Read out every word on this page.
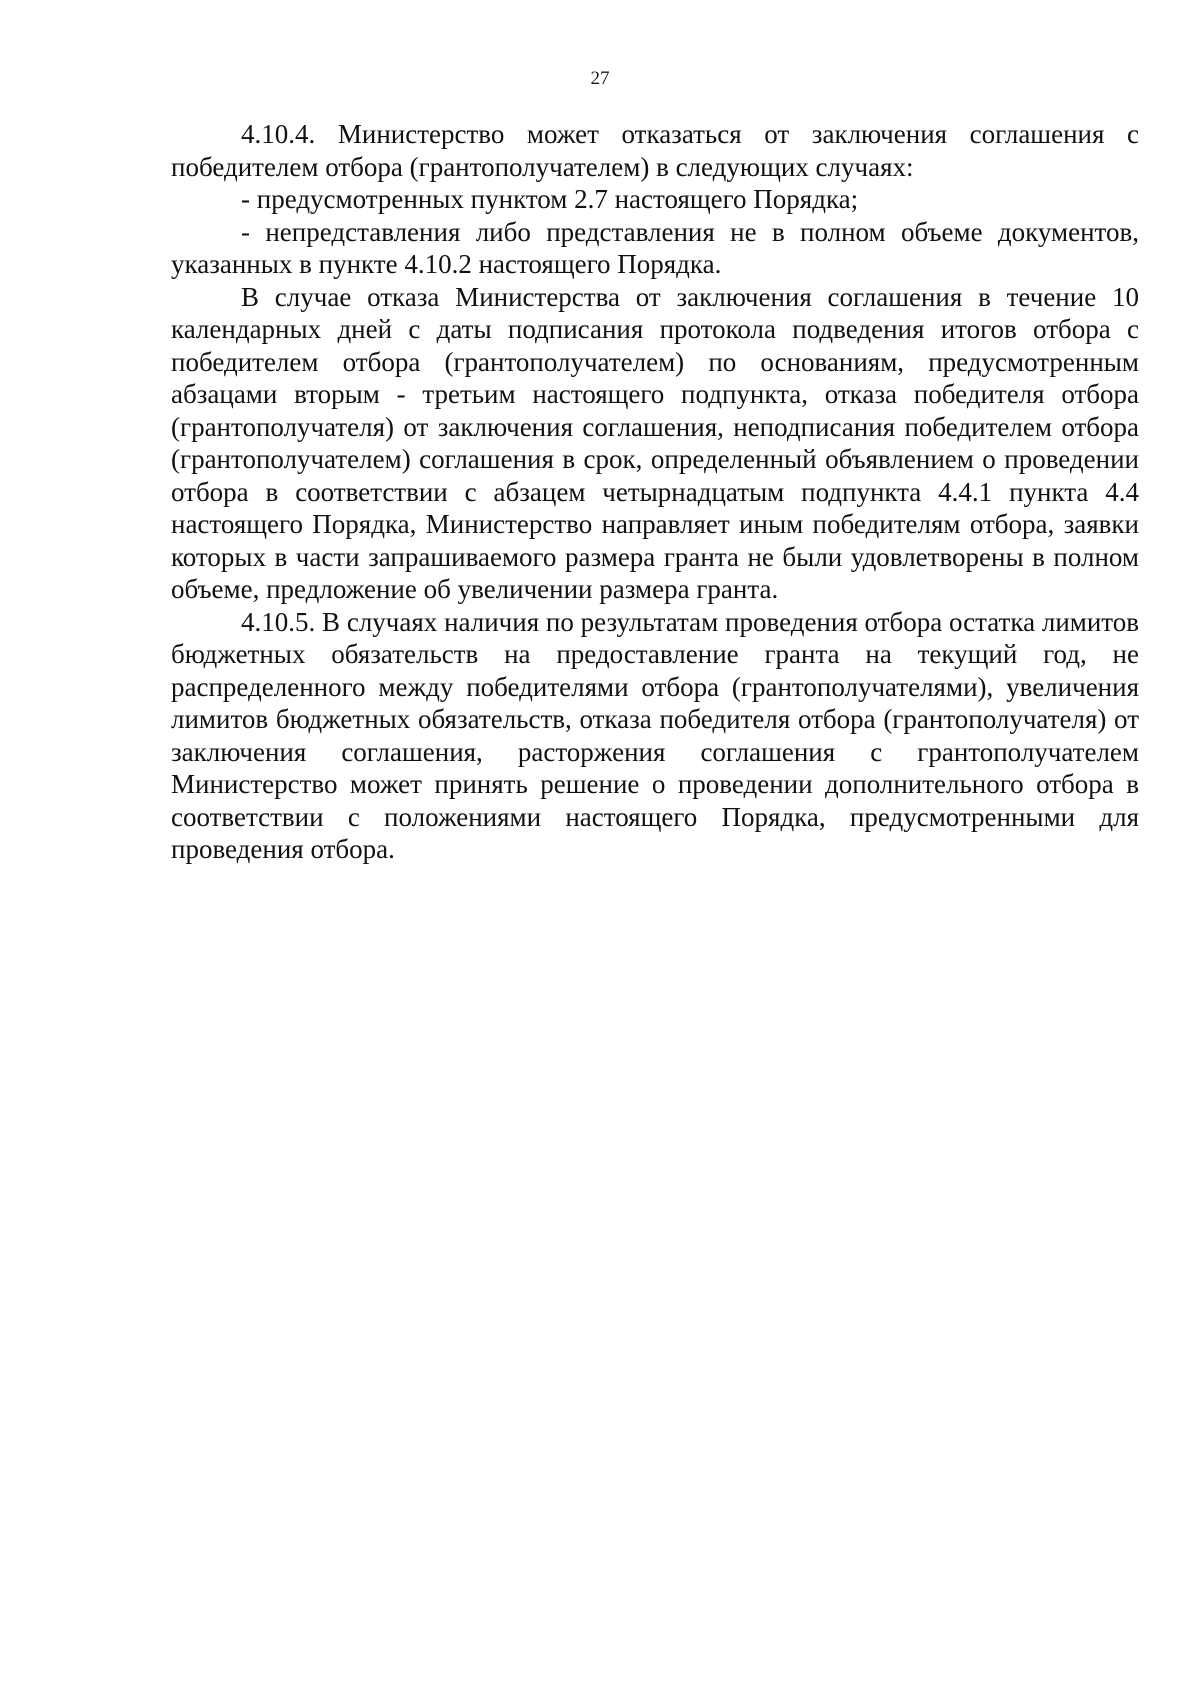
27

4.10.4. Министерство может отказаться от заключения соглашения с победителем отбора (грантополучателем) в следующих случаях:

- предусмотренных пунктом 2.7 настоящего Порядка;

- непредставления либо представления не в полном объеме документов, указанных в пункте 4.10.2 настоящего Порядка.

В случае отказа Министерства от заключения соглашения в течение 10 календарных дней с даты подписания протокола подведения итогов отбора с победителем отбора (грантополучателем) по основаниям, предусмотренным абзацами вторым - третьим настоящего подпункта, отказа победителя отбора (грантополучателя) от заключения соглашения, неподписания победителем отбора (грантополучателем) соглашения в срок, определенный объявлением о проведении отбора в соответствии с абзацем четырнадцатым подпункта 4.4.1 пункта 4.4 настоящего Порядка, Министерство направляет иным победителям отбора, заявки которых в части запрашиваемого размера гранта не были удовлетворены в полном объеме, предложение об увеличении размера гранта.

4.10.5. В случаях наличия по результатам проведения отбора остатка лимитов бюджетных обязательств на предоставление гранта на текущий год, не распределенного между победителями отбора (грантополучателями), увеличения лимитов бюджетных обязательств, отказа победителя отбора (грантополучателя) от заключения соглашения, расторжения соглашения с грантополучателем Министерство может принять решение о проведении дополнительного отбора в соответствии с положениями настоящего Порядка, предусмотренными для проведения отбора.
